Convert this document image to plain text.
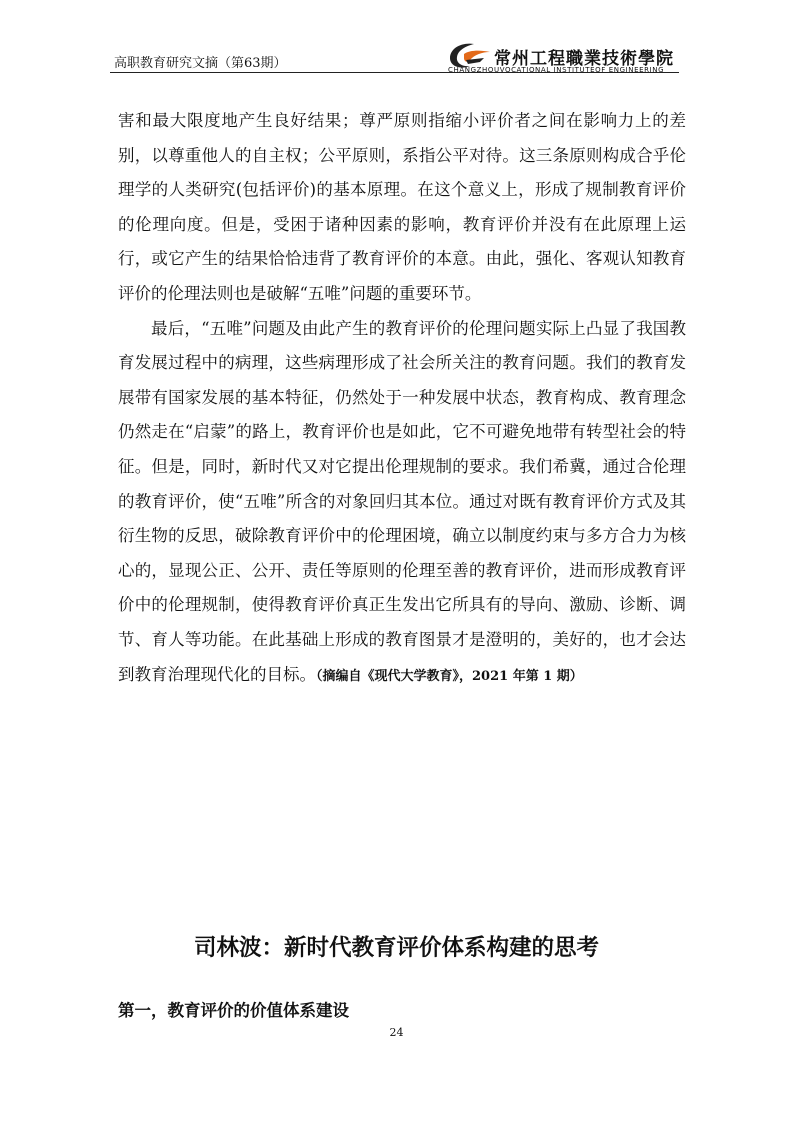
高职教育研究文摘（第63期）	常州工程職業技術學院
CHANGZHOUVOCATIONAL INSTITUTEOF ENGINEERING

害和最大限度地产生良好结果；尊严原则指缩小评价者之间在影响力上的差别，以尊重他人的自主权；公平原则，系指公平对待。这三条原则构成合乎伦理学的人类研究(包括评价)的基本原理。在这个意义上，形成了规制教育评价的伦理向度。但是，受困于诸种因素的影响，教育评价并没有在此原理上运行，或它产生的结果恰恰违背了教育评价的本意。由此，强化、客观认知教育评价的伦理法则也是破解“五唯”问题的重要环节。

最后，“五唯”问题及由此产生的教育评价的伦理问题实际上凸显了我国教育发展过程中的病理，这些病理形成了社会所关注的教育问题。我们的教育发展带有国家发展的基本特征，仍然处于一种发展中状态，教育构成、教育理念仍然走在“启蒙”的路上，教育评价也是如此，它不可避免地带有转型社会的特征。但是，同时，新时代又对它提出伦理规制的要求。我们希冀，通过合伦理的教育评价，使“五唯”所含的对象回归其本位。通过对既有教育评价方式及其衍生物的反思，破除教育评价中的伦理困境，确立以制度约束与多方合力为核心的，显现公正、公开、责任等原则的伦理至善的教育评价，进而形成教育评价中的伦理规制，使得教育评价真正生发出它所具有的导向、激励、诊断、调节、育人等功能。在此基础上形成的教育图景才是澄明的，美好的，也才会达到教育治理现代化的目标。（摘编自《现代大学教育》，2021 年第 1 期）

司林波：新时代教育评价体系构建的思考
第一，教育评价的价值体系建设
24
